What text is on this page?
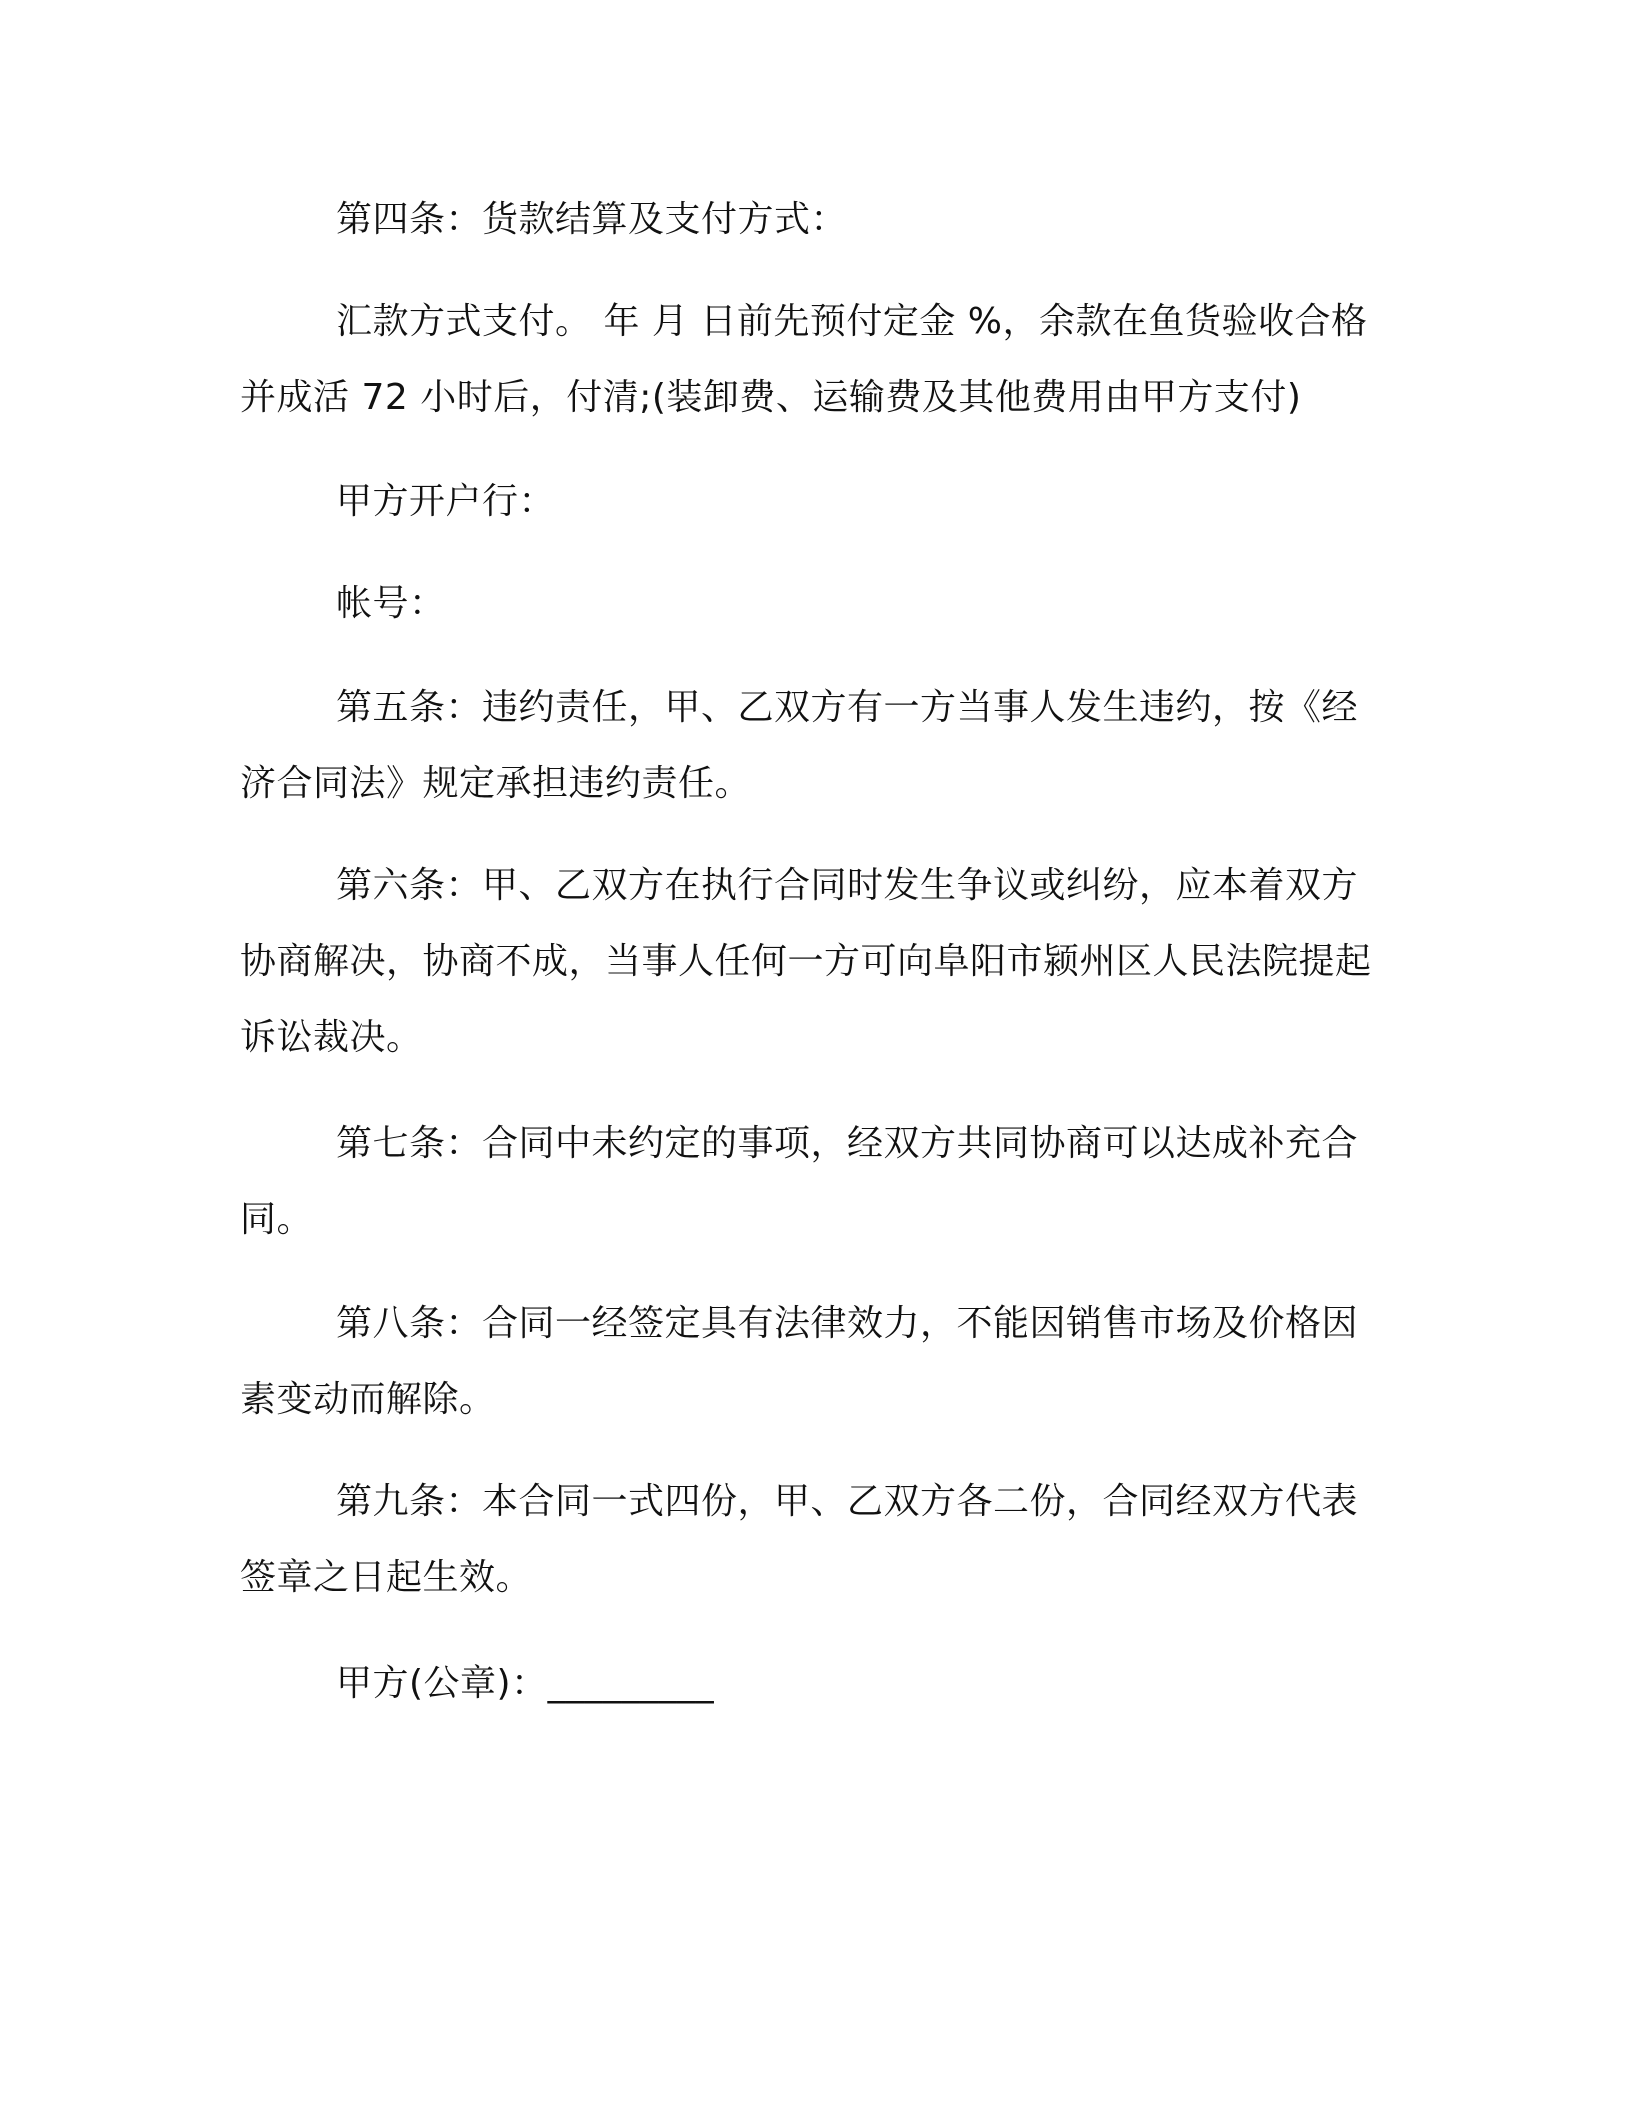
第四条：货款结算及支付方式：

汇款方式支付。 年 月 日前先预付定金 %，余款在鱼货验收合格并成活 72 小时后，付清;(装卸费、运输费及其他费用由甲方支付)

甲方开户行：

帐号：

第五条：违约责任，甲、乙双方有一方当事人发生违约，按《经济合同法》规定承担违约责任。

第六条：甲、乙双方在执行合同时发生争议或纠纷，应本着双方协商解决，协商不成，当事人任何一方可向阜阳市颍州区人民法院提起诉讼裁决。

第七条：合同中未约定的事项，经双方共同协商可以达成补充合同。

第八条：合同一经签定具有法律效力，不能因销售市场及价格因素变动而解除。

第九条：本合同一式四份，甲、乙双方各二份，合同经双方代表签章之日起生效。

甲方(公章)：_________
